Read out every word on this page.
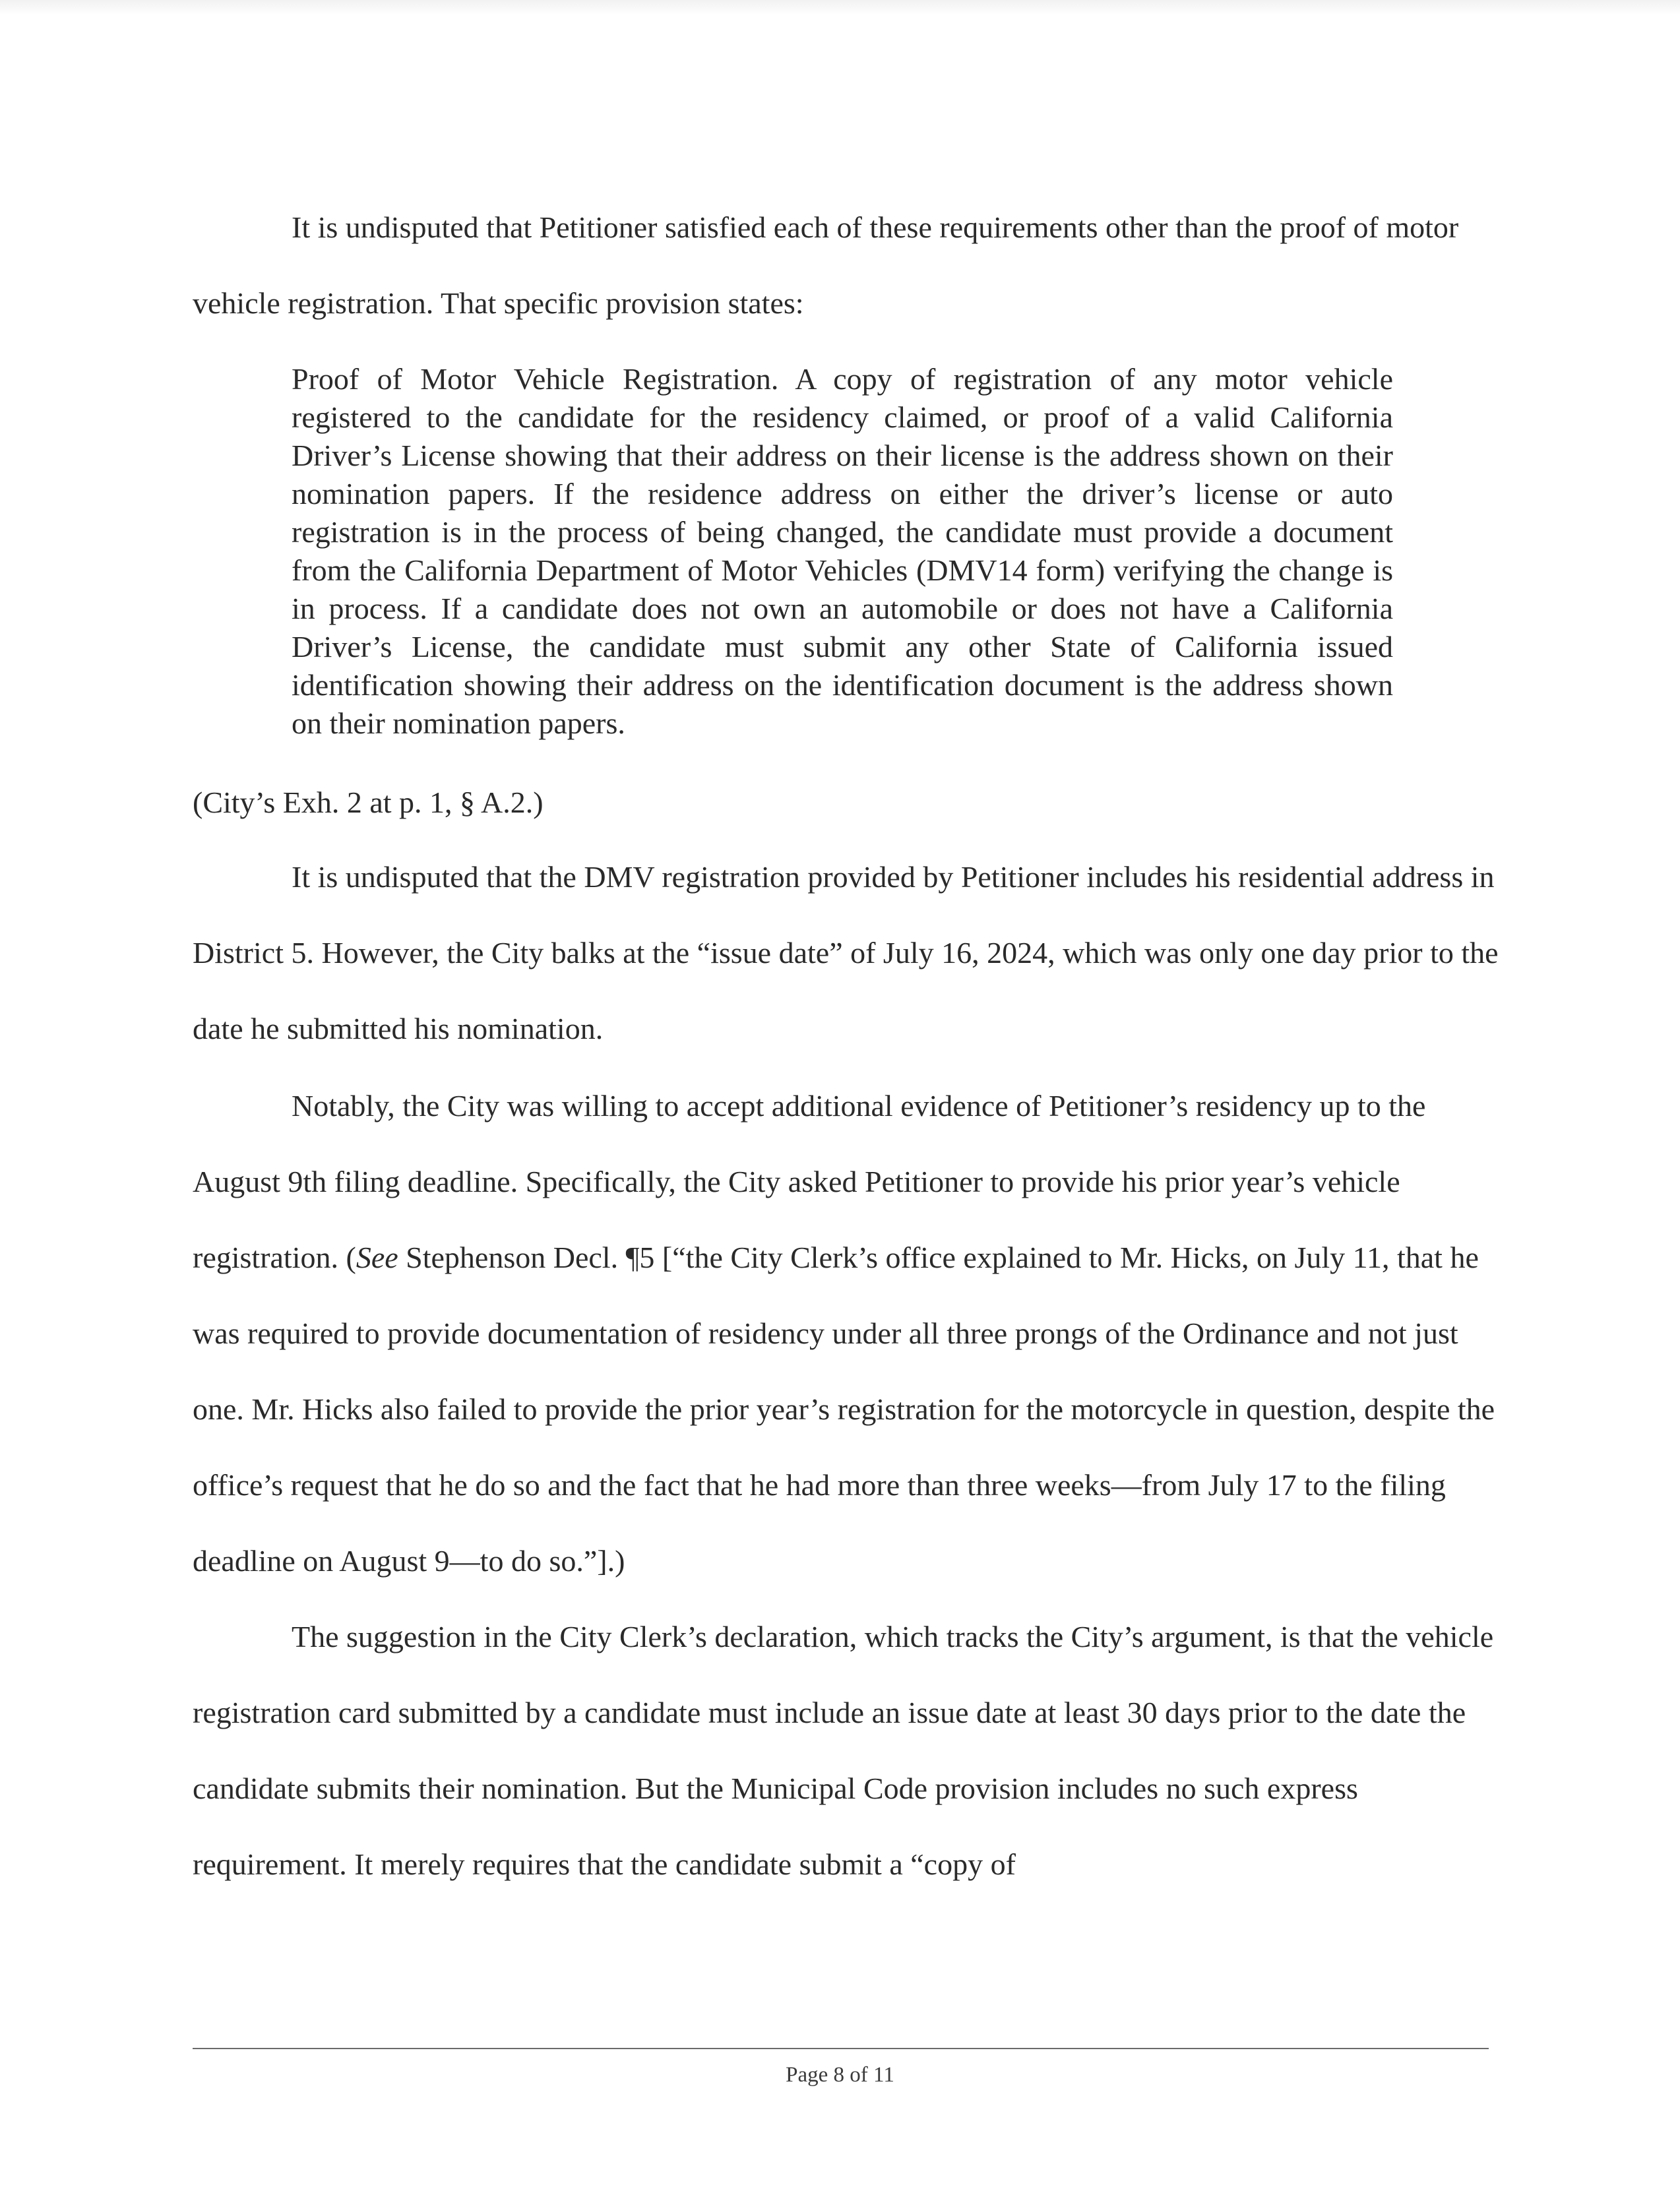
It is undisputed that Petitioner satisfied each of these requirements other than the proof of motor vehicle registration. That specific provision states:

Proof of Motor Vehicle Registration. A copy of registration of any motor vehicle registered to the candidate for the residency claimed, or proof of a valid California Driver’s License showing that their address on their license is the address shown on their nomination papers. If the residence address on either the driver’s license or auto registration is in the process of being changed, the candidate must provide a document from the California Department of Motor Vehicles (DMV14 form) verifying the change is in process. If a candidate does not own an automobile or does not have a California Driver’s License, the candidate must submit any other State of California issued identification showing their address on the identification document is the address shown on their nomination papers.

(City’s Exh. 2 at p. 1, § A.2.)

It is undisputed that the DMV registration provided by Petitioner includes his residential address in District 5. However, the City balks at the “issue date” of July 16, 2024, which was only one day prior to the date he submitted his nomination.

Notably, the City was willing to accept additional evidence of Petitioner’s residency up to the August 9th filing deadline. Specifically, the City asked Petitioner to provide his prior year’s vehicle registration. (See Stephenson Decl. ¶5 [“the City Clerk’s office explained to Mr. Hicks, on July 11, that he was required to provide documentation of residency under all three prongs of the Ordinance and not just one. Mr. Hicks also failed to provide the prior year’s registration for the motorcycle in question, despite the office’s request that he do so and the fact that he had more than three weeks—from July 17 to the filing deadline on August 9—to do so.”].)

The suggestion in the City Clerk’s declaration, which tracks the City’s argument, is that the vehicle registration card submitted by a candidate must include an issue date at least 30 days prior to the date the candidate submits their nomination. But the Municipal Code provision includes no such express requirement. It merely requires that the candidate submit a “copy of

Page 8 of 11
